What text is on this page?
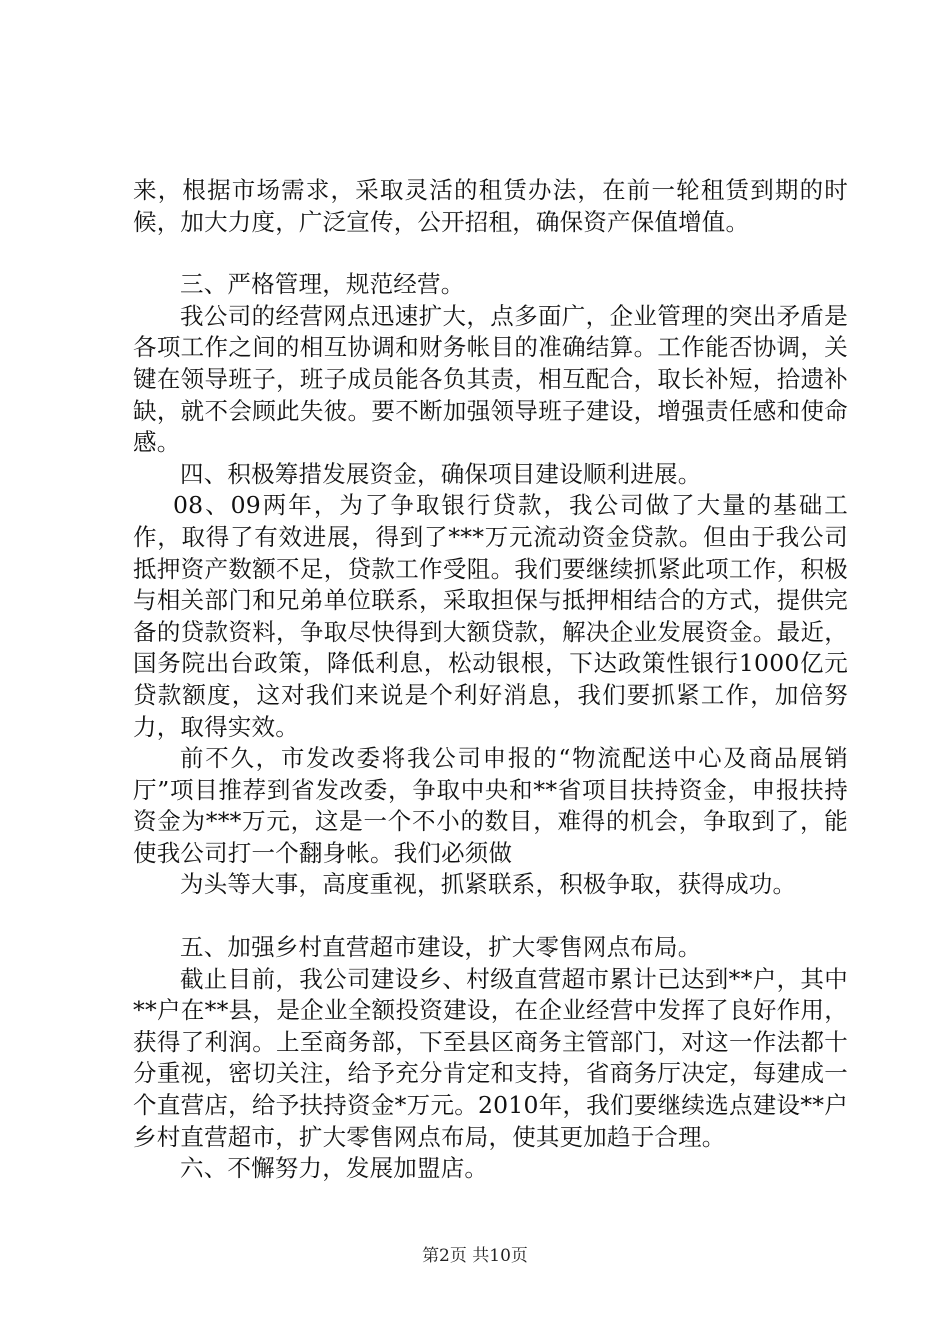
来，根据市场需求，采取灵活的租赁办法，在前一轮租赁到期的时候，加大力度，广泛宣传，公开招租，确保资产保值增值。

三、严格管理，规范经营。

我公司的经营网点迅速扩大，点多面广，企业管理的突出矛盾是各项工作之间的相互协调和财务帐目的准确结算。工作能否协调，关键在领导班子，班子成员能各负其责，相互配合，取长补短，拾遗补缺，就不会顾此失彼。要不断加强领导班子建设，增强责任感和使命感。

四、积极筹措发展资金，确保项目建设顺利进展。

08、09两年，为了争取银行贷款，我公司做了大量的基础工作，取得了有效进展，得到了***万元流动资金贷款。但由于我公司抵押资产数额不足，贷款工作受阻。我们要继续抓紧此项工作，积极与相关部门和兄弟单位联系，采取担保与抵押相结合的方式，提供完备的贷款资料，争取尽快得到大额贷款，解决企业发展资金。最近，国务院出台政策，降低利息，松动银根，下达政策性银行1000亿元贷款额度，这对我们来说是个利好消息，我们要抓紧工作，加倍努力，取得实效。

前不久，市发改委将我公司申报的“物流配送中心及商品展销厅”项目推荐到省发改委，争取中央和**省项目扶持资金，申报扶持资金为***万元，这是一个不小的数目，难得的机会，争取到了，能使我公司打一个翻身帐。我们必须做

为头等大事，高度重视，抓紧联系，积极争取，获得成功。

五、加强乡村直营超市建设，扩大零售网点布局。

截止目前，我公司建设乡、村级直营超市累计已达到**户，其中**户在**县，是企业全额投资建设，在企业经营中发挥了良好作用，获得了利润。上至商务部，下至县区商务主管部门，对这一作法都十分重视，密切关注，给予充分肯定和支持，省商务厅决定，每建成一个直营店，给予扶持资金*万元。2010年，我们要继续选点建设**户乡村直营超市，扩大零售网点布局，使其更加趋于合理。

六、不懈努力，发展加盟店。

第2页 共10页
